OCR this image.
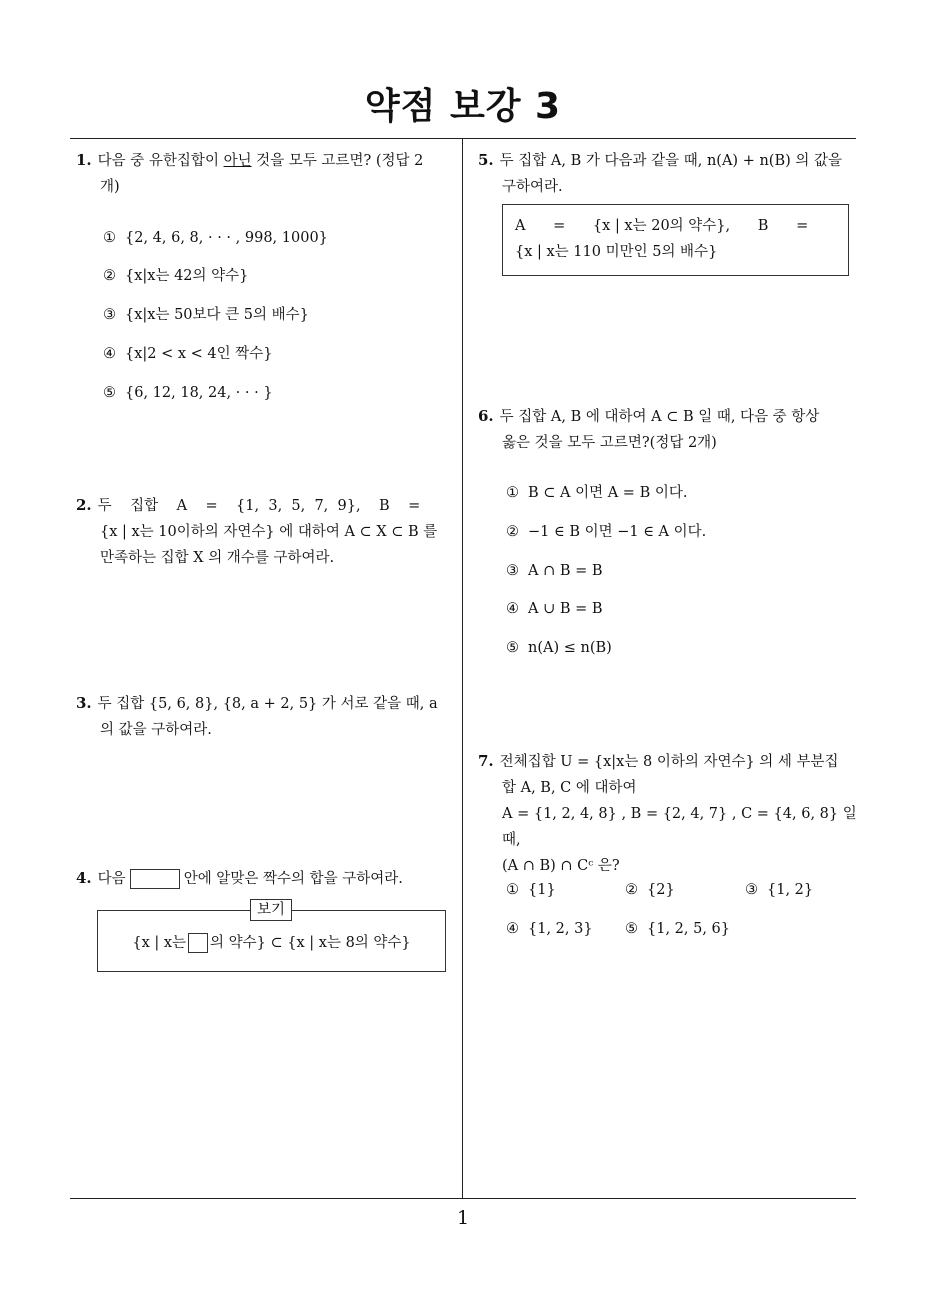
약점 보강 3
1
1. 다음 중 유한집합이 아닌 것을 모두 고르면? (정답 2
개)
① {2, 4, 6, 8, · · · , 998, 1000}
② {x|x는 42의 약수}
③ {x|x는 50보다 큰 5의 배수}
④ {x|2 < x < 4인 짝수}
⑤ {6, 12, 18, 24, · · · }
2. 두    집합    A    =    {1,  3,  5,  7,  9},    B    =
{x | x는 10이하의 자연수} 에 대하여 A ⊂ X ⊂ B 를
만족하는 집합 X 의 개수를 구하여라.
3. 두 집합 {5, 6, 8}, {8, a + 2, 5} 가 서로 같을 때, a
의 값을 구하여라.
4. 다음	안에 알맞은 짝수의 합을 구하여라.
보기
{x | x는 의 약수} ⊂ {x | x는 8의 약수}
5. 두 집합 A, B 가 다음과 같을 때, n(A) + n(B) 의 값을
구하여라.
A      =      {x | x는 20의 약수},      B      =
{x | x는 110 미만인 5의 배수}
6. 두 집합 A, B 에 대하여 A ⊂ B 일 때, 다음 중 항상
옳은 것을 모두 고르면?(정답 2개)
① B ⊂ A 이면 A = B 이다.
② −1 ∈ B 이면 −1 ∈ A 이다.
③ A ∩ B = B
④ A ∪ B = B
⑤ n(A) ≤ n(B)
7. 전체집합 U = {x|x는 8 이하의 자연수} 의 세 부분집
합 A, B, C 에 대하여
A = {1, 2, 4, 8} , B = {2, 4, 7} , C = {4, 6, 8} 일 때,
(A ∩ B) ∩ Cᶜ 은?
① {1}	② {2}	③ {1, 2}
④ {1, 2, 3} ⑤ {1, 2, 5, 6}
